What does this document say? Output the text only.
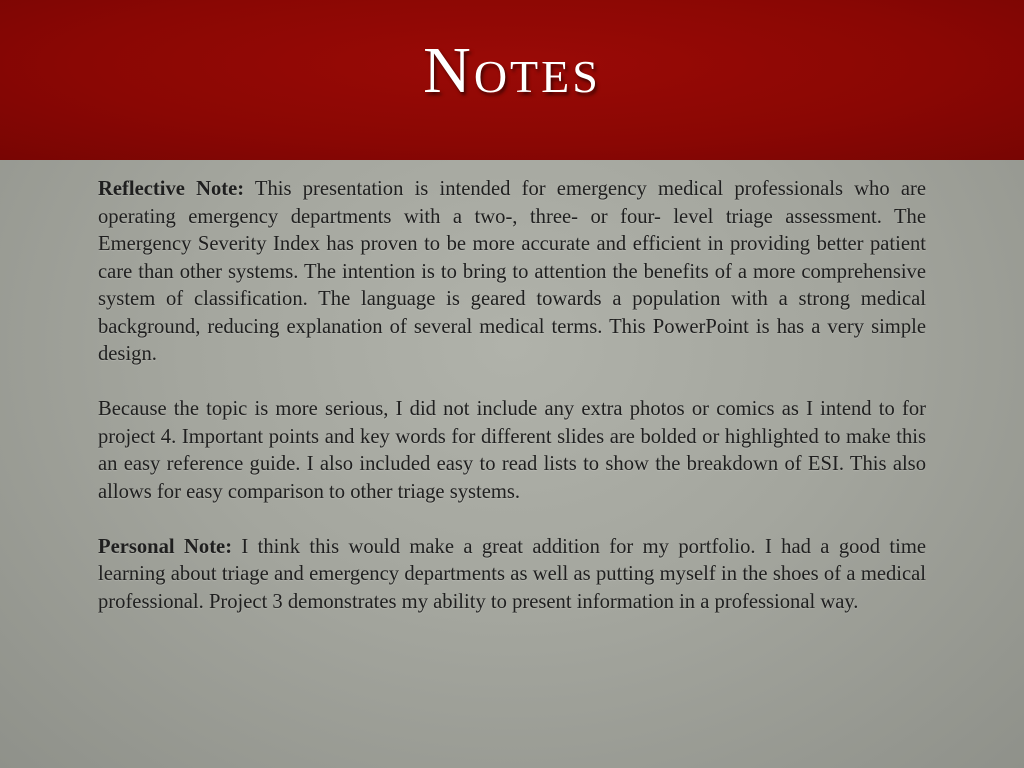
Notes

Reflective Note: This presentation is intended for emergency medical professionals who are operating emergency departments with a two-, three- or four- level triage assessment. The Emergency Severity Index has proven to be more accurate and efficient in providing better patient care than other systems. The intention is to bring to attention the benefits of a more comprehensive system of classification. The language is geared towards a population with a strong medical background, reducing explanation of several medical terms. This PowerPoint is has a very simple design.

Because the topic is more serious, I did not include any extra photos or comics as I intend to for project 4. Important points and key words for different slides are bolded or highlighted to make this an easy reference guide. I also included easy to read lists to show the breakdown of ESI. This also allows for easy comparison to other triage systems.

Personal Note: I think this would make a great addition for my portfolio. I had a good time learning about triage and emergency departments as well as putting myself in the shoes of a medical professional. Project 3 demonstrates my ability to present information in a professional way.
